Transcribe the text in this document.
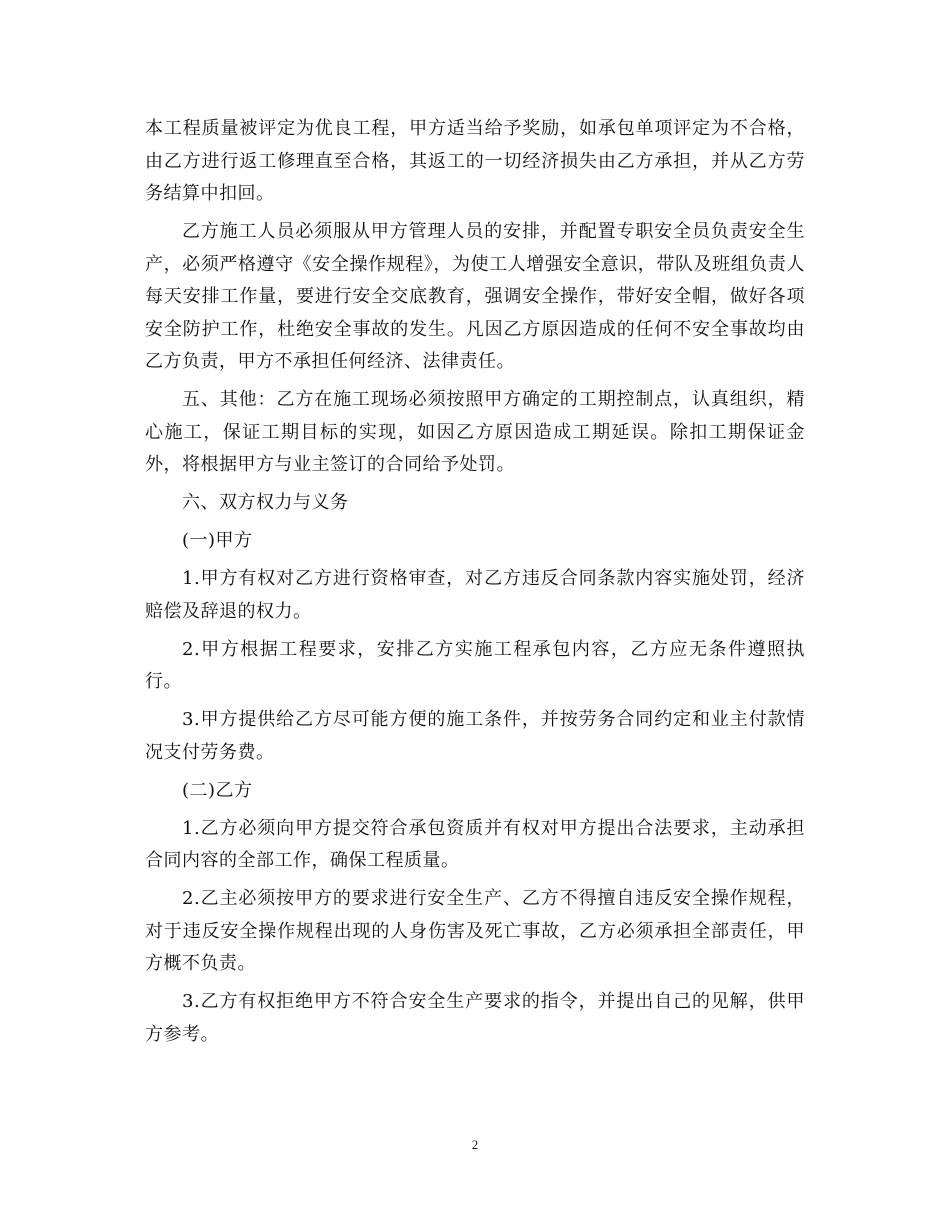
本工程质量被评定为优良工程，甲方适当给予奖励，如承包单项评定为不合格，由乙方进行返工修理直至合格，其返工的一切经济损失由乙方承担，并从乙方劳务结算中扣回。

乙方施工人员必须服从甲方管理人员的安排，并配置专职安全员负责安全生产，必须严格遵守《安全操作规程》，为使工人增强安全意识，带队及班组负责人每天安排工作量，要进行安全交底教育，强调安全操作，带好安全帽，做好各项安全防护工作，杜绝安全事故的发生。凡因乙方原因造成的任何不安全事故均由乙方负责，甲方不承担任何经济、法律责任。

五、其他：乙方在施工现场必须按照甲方确定的工期控制点，认真组织，精心施工，保证工期目标的实现，如因乙方原因造成工期延误。除扣工期保证金外，将根据甲方与业主签订的合同给予处罚。

六、双方权力与义务

(一)甲方

1.甲方有权对乙方进行资格审查，对乙方违反合同条款内容实施处罚，经济赔偿及辞退的权力。

2.甲方根据工程要求，安排乙方实施工程承包内容，乙方应无条件遵照执行。

3.甲方提供给乙方尽可能方便的施工条件，并按劳务合同约定和业主付款情况支付劳务费。

(二)乙方

1.乙方必须向甲方提交符合承包资质并有权对甲方提出合法要求，主动承担合同内容的全部工作，确保工程质量。

2.乙主必须按甲方的要求进行安全生产、乙方不得擅自违反安全操作规程，对于违反安全操作规程出现的人身伤害及死亡事故，乙方必须承担全部责任，甲方概不负责。

3.乙方有权拒绝甲方不符合安全生产要求的指令，并提出自己的见解，供甲方参考。

2
